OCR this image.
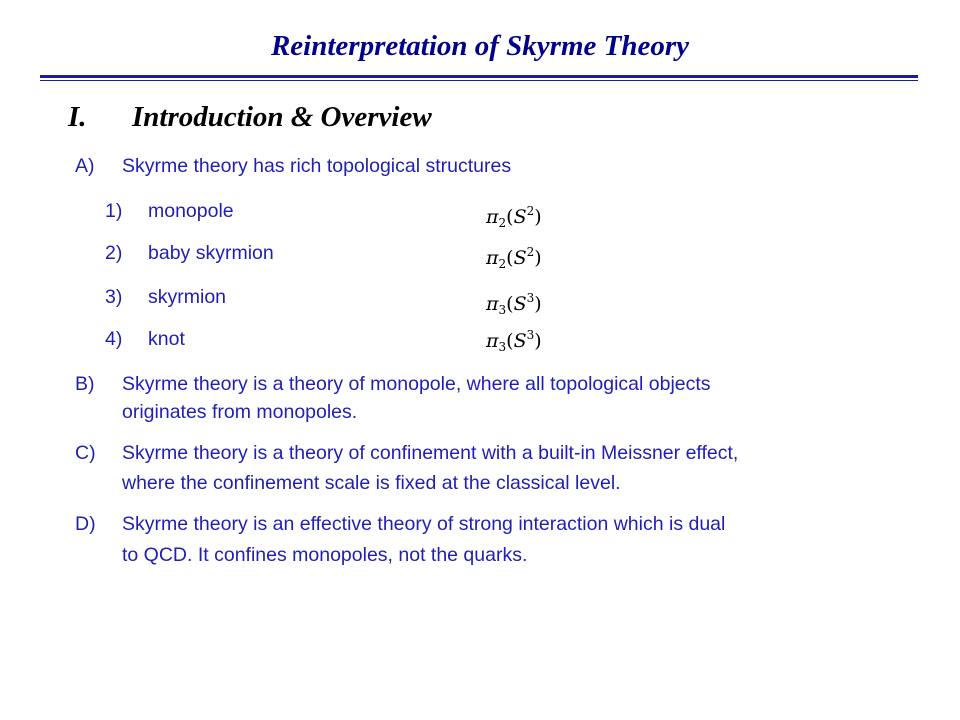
Reinterpretation of Skyrme Theory
I. Introduction & Overview
A) Skyrme theory has rich topological structures
1) monopole	$\pi_2(S^2)$
2) baby skyrmion	$\pi_2(S^2)$
3) skyrmion	$\pi_3(S^3)$
4) knot	$\pi_3(S^3)$
B) Skyrme theory is a theory of monopole, where all topological objects
originates from monopoles.
C) Skyrme theory is a theory of confinement with a built-in Meissner effect,
where the confinement scale is fixed at the classical level.
D) Skyrme theory is an effective theory of strong interaction which is dual
to QCD. It confines monopoles, not the quarks.
